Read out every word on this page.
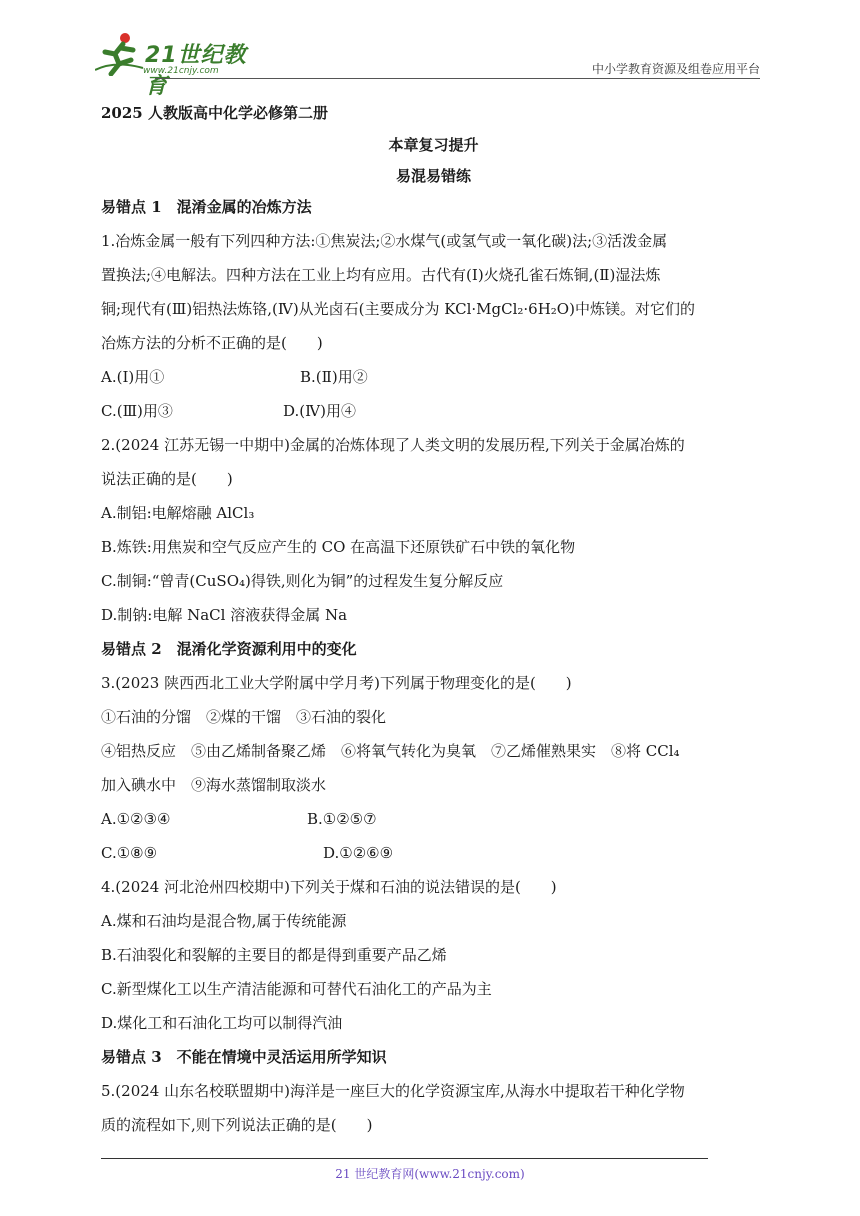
21世纪教育
www.21cnjy.com	中小学教育资源及组卷应用平台
2025 人教版高中化学必修第二册
本章复习提升
易混易错练
易错点 1　混淆金属的冶炼方法
1.冶炼金属一般有下列四种方法:①焦炭法;②水煤气(或氢气或一氧化碳)法;③活泼金属
置换法;④电解法。四种方法在工业上均有应用。古代有(Ⅰ)火烧孔雀石炼铜,(Ⅱ)湿法炼
铜;现代有(Ⅲ)铝热法炼铬,(Ⅳ)从光卤石(主要成分为 KCl·MgCl₂·6H₂O)中炼镁。对它们的
冶炼方法的分析不正确的是(　　)
A.(Ⅰ)用①	B.(Ⅱ)用②
C.(Ⅲ)用③	D.(Ⅳ)用④
2.(2024 江苏无锡一中期中)金属的冶炼体现了人类文明的发展历程,下列关于金属冶炼的
说法正确的是(　　)
A.制铝:电解熔融 AlCl₃
B.炼铁:用焦炭和空气反应产生的 CO 在高温下还原铁矿石中铁的氧化物
C.制铜:“曾青(CuSO₄)得铁,则化为铜”的过程发生复分解反应
D.制钠:电解 NaCl 溶液获得金属 Na
易错点 2　混淆化学资源利用中的变化
3.(2023 陕西西北工业大学附属中学月考)下列属于物理变化的是(　　)
①石油的分馏　②煤的干馏　③石油的裂化
④铝热反应　⑤由乙烯制备聚乙烯　⑥将氧气转化为臭氧　⑦乙烯催熟果实　⑧将 CCl₄
加入碘水中　⑨海水蒸馏制取淡水
A.①②③④	B.①②⑤⑦
C.①⑧⑨	D.①②⑥⑨
4.(2024 河北沧州四校期中)下列关于煤和石油的说法错误的是(　　)
A.煤和石油均是混合物,属于传统能源
B.石油裂化和裂解的主要目的都是得到重要产品乙烯
C.新型煤化工以生产清洁能源和可替代石油化工的产品为主
D.煤化工和石油化工均可以制得汽油
易错点 3　不能在情境中灵活运用所学知识
5.(2024 山东名校联盟期中)海洋是一座巨大的化学资源宝库,从海水中提取若干种化学物
质的流程如下,则下列说法正确的是(　　)
21 世纪教育网(www.21cnjy.com)
